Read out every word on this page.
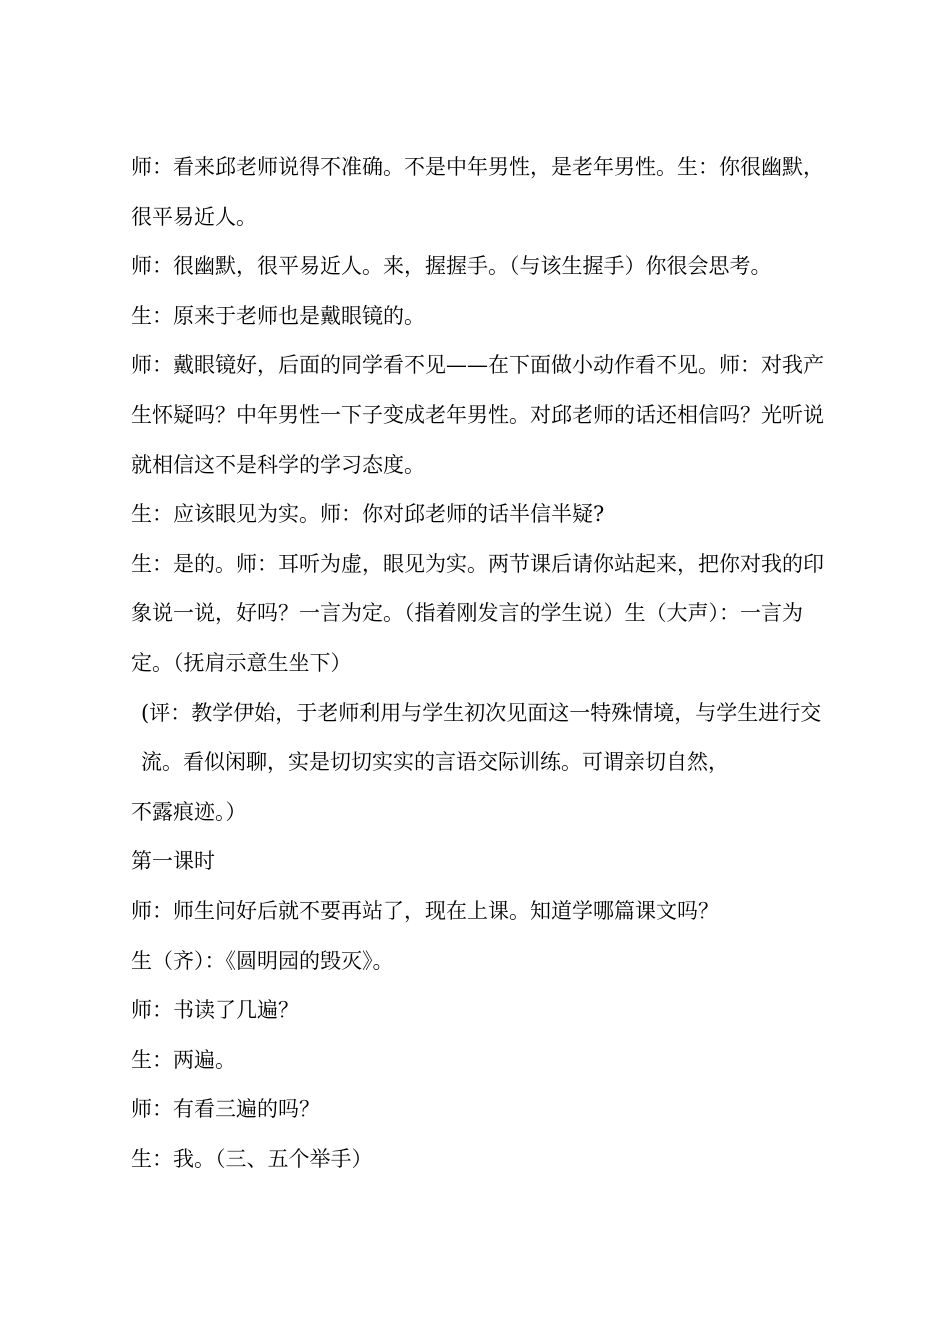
师：看来邱老师说得不准确。不是中年男性，是老年男性。生：你很幽默，很平易近人。

师：很幽默，很平易近人。来，握握手。（与该生握手）你很会思考。

生：原来于老师也是戴眼镜的。

师：戴眼镜好，后面的同学看不见——在下面做小动作看不见。师：对我产生怀疑吗？中年男性一下子变成老年男性。对邱老师的话还相信吗？光听说就相信这不是科学的学习态度。

生：应该眼见为实。师：你对邱老师的话半信半疑?

生：是的。师：耳听为虚，眼见为实。两节课后请你站起来，把你对我的印象说一说，好吗？一言为定。（指着刚发言的学生说）生（大声）：一言为定。（抚肩示意生坐下）

(评：教学伊始，于老师利用与学生初次见面这一特殊情境，与学生进行交流。看似闲聊，实是切切实实的言语交际训练。可谓亲切自然，

不露痕迹。）

第一课时

师：师生问好后就不要再站了，现在上课。知道学哪篇课文吗？

生（齐）：《圆明园的毁灭》。

师：书读了几遍？

生：两遍。

师：有看三遍的吗？

生：我。（三、五个举手）
